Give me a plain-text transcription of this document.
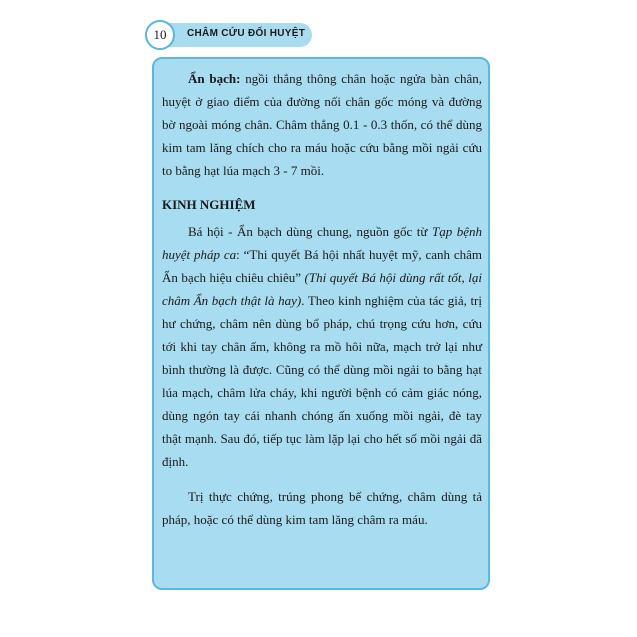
10	CHÂM CỨU ĐỐI HUYỆT

Ẩn bạch: ngồi thẳng thông chân hoặc ngửa bàn chân, huyệt ở giao điểm của đường nối chân gốc móng và đường bờ ngoài móng chân. Châm thẳng 0.1 - 0.3 thốn, có thể dùng kim tam lăng chích cho ra máu hoặc cứu bằng mồi ngải cứu to bằng hạt lúa mạch 3 - 7 mồi.

KINH NGHIỆM

Bá hội - Ẩn bạch dùng chung, nguồn gốc từ Tạp bệnh huyệt pháp ca: “Thi quyết Bá hội nhất huyệt mỹ, canh châm Ẩn bạch hiệu chiêu chiêu” (Thi quyết Bá hội dùng rất tốt, lại châm Ẩn bạch thật là hay). Theo kinh nghiệm của tác giả, trị hư chứng, châm nên dùng bổ pháp, chú trọng cứu hơn, cứu tới khi tay chân ấm, không ra mồ hôi nữa, mạch trở lại như bình thường là được. Cũng có thể dùng mồi ngải to bằng hạt lúa mạch, châm lửa cháy, khi người bệnh có cảm giác nóng, dùng ngón tay cái nhanh chóng ấn xuống mồi ngải, đè tay thật mạnh. Sau đó, tiếp tục làm lặp lại cho hết số mồi ngải đã định.

Trị thực chứng, trúng phong bế chứng, châm dùng tả pháp, hoặc có thể dùng kim tam lăng châm ra máu.
